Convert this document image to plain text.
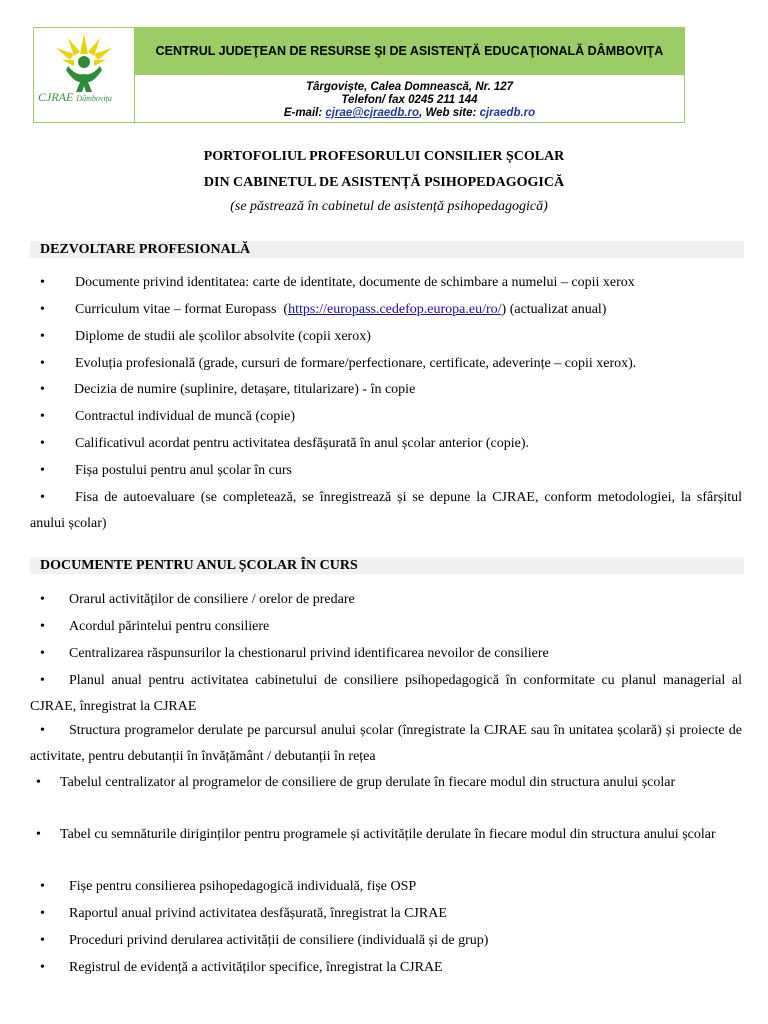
CJRAE Dâmbovița
CENTRUL JUDEŢEAN DE RESURSE ŞI DE ASISTENŢĂ EDUCAŢIONALĂ DÂMBOVIŢA
Târgoviște, Calea Domnească, Nr. 127
Telefon/ fax 0245 211 144
E-mail: cjrae@cjraedb.ro, Web site: cjraedb.ro
PORTOFOLIUL PROFESORULUI CONSILIER ȘCOLAR
DIN CABINETUL DE ASISTENȚĂ PSIHOPEDAGOGICĂ
(se păstrează în cabinetul de asistență psihopedagogică)
DEZVOLTARE PROFESIONALĂ
• Documente privind identitatea: carte de identitate, documente de schimbare a numelui – copii xerox
• Curriculum vitae – format Europass  (https://europass.cedefop.europa.eu/ro/) (actualizat anual)
• Diplome de studii ale școlilor absolvite (copii xerox)
• Evoluția profesională (grade, cursuri de formare/perfectionare, certificate, adeverințe – copii xerox).
• Decizia de numire (suplinire, detașare, titularizare) - în copie
• Contractul individual de muncă (copie)
• Calificativul acordat pentru activitatea desfășurată în anul școlar anterior (copie).
• Fișa postului pentru anul școlar în curs
• Fisa de autoevaluare (se completează, se înregistrează și se depune la CJRAE, conform metodologiei, la sfârșitul anului școlar)
DOCUMENTE PENTRU ANUL ȘCOLAR ÎN CURS
• Orarul activităților de consiliere / orelor de predare
• Acordul părintelui pentru consiliere
• Centralizarea răspunsurilor la chestionarul privind identificarea nevoilor de consiliere
• Planul anual pentru activitatea cabinetului de consiliere psihopedagogică în conformitate cu planul managerial al CJRAE, înregistrat la CJRAE
• Structura programelor derulate pe parcursul anului școlar (înregistrate la CJRAE sau în unitatea școlară) și proiecte de activitate, pentru debutanții în învățământ / debutanții în rețea
• Tabelul centralizator al programelor de consiliere de grup derulate în fiecare modul din structura anului școlar
• Tabel cu semnăturile diriginților pentru programele și activitățile derulate în fiecare modul din structura anului școlar
• Fișe pentru consilierea psihopedagogică individuală, fișe OSP
• Raportul anual privind activitatea desfășurată, înregistrat la CJRAE
• Proceduri privind derularea activității de consiliere (individuală și de grup)
• Registrul de evidență a activităților specifice, înregistrat la CJRAE
